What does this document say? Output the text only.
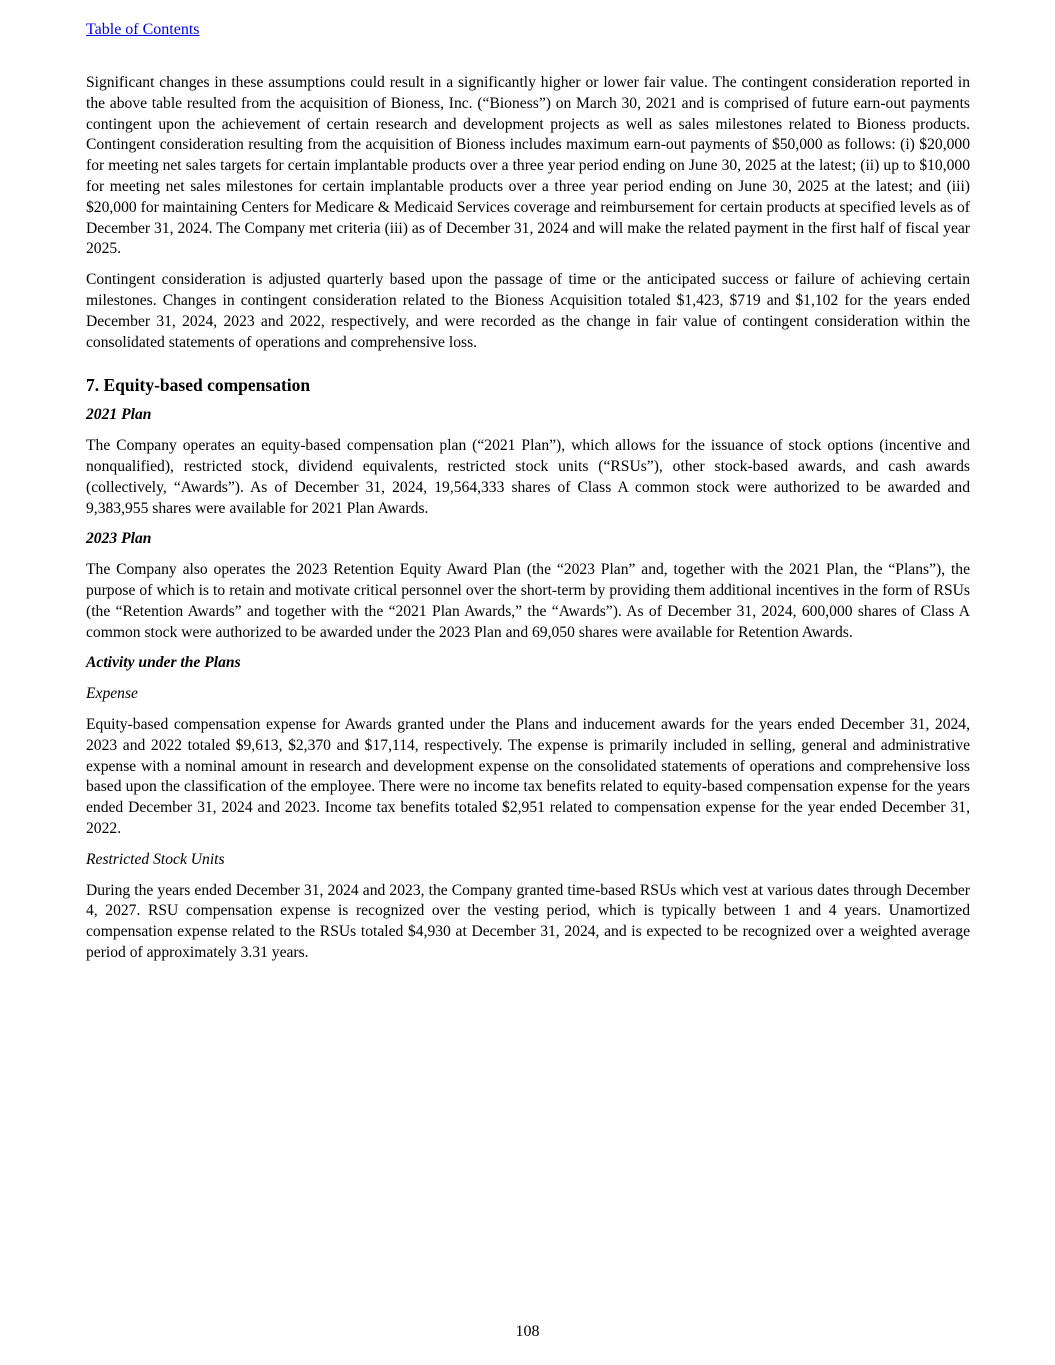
Table of Contents

Significant changes in these assumptions could result in a significantly higher or lower fair value. The contingent consideration reported in the above table resulted from the acquisition of Bioness, Inc. (“Bioness”) on March 30, 2021 and is comprised of future earn-out payments contingent upon the achievement of certain research and development projects as well as sales milestones related to Bioness products. Contingent consideration resulting from the acquisition of Bioness includes maximum earn-out payments of $50,000 as follows: (i) $20,000 for meeting net sales targets for certain implantable products over a three year period ending on June 30, 2025 at the latest; (ii) up to $10,000 for meeting net sales milestones for certain implantable products over a three year period ending on June 30, 2025 at the latest; and (iii) $20,000 for maintaining Centers for Medicare & Medicaid Services coverage and reimbursement for certain products at specified levels as of December 31, 2024. The Company met criteria (iii) as of December 31, 2024 and will make the related payment in the first half of fiscal year 2025.

Contingent consideration is adjusted quarterly based upon the passage of time or the anticipated success or failure of achieving certain milestones. Changes in contingent consideration related to the Bioness Acquisition totaled $1,423, $719 and $1,102 for the years ended December 31, 2024, 2023 and 2022, respectively, and were recorded as the change in fair value of contingent consideration within the consolidated statements of operations and comprehensive loss.

7. Equity-based compensation
2021 Plan

The Company operates an equity-based compensation plan (“2021 Plan”), which allows for the issuance of stock options (incentive and nonqualified), restricted stock, dividend equivalents, restricted stock units (“RSUs”), other stock-based awards, and cash awards (collectively, “Awards”). As of December 31, 2024, 19,564,333 shares of Class A common stock were authorized to be awarded and 9,383,955 shares were available for 2021 Plan Awards.

2023 Plan

The Company also operates the 2023 Retention Equity Award Plan (the “2023 Plan” and, together with the 2021 Plan, the “Plans”), the purpose of which is to retain and motivate critical personnel over the short-term by providing them additional incentives in the form of RSUs (the “Retention Awards” and together with the “2021 Plan Awards,” the “Awards”). As of December 31, 2024, 600,000 shares of Class A common stock were authorized to be awarded under the 2023 Plan and 69,050 shares were available for Retention Awards.

Activity under the Plans
Expense

Equity-based compensation expense for Awards granted under the Plans and inducement awards for the years ended December 31, 2024, 2023 and 2022 totaled $9,613, $2,370 and $17,114, respectively. The expense is primarily included in selling, general and administrative expense with a nominal amount in research and development expense on the consolidated statements of operations and comprehensive loss based upon the classification of the employee. There were no income tax benefits related to equity-based compensation expense for the years ended December 31, 2024 and 2023. Income tax benefits totaled $2,951 related to compensation expense for the year ended December 31, 2022.

Restricted Stock Units

During the years ended December 31, 2024 and 2023, the Company granted time-based RSUs which vest at various dates through December 4, 2027. RSU compensation expense is recognized over the vesting period, which is typically between 1 and 4 years. Unamortized compensation expense related to the RSUs totaled $4,930 at December 31, 2024, and is expected to be recognized over a weighted average period of approximately 3.31 years.

108
